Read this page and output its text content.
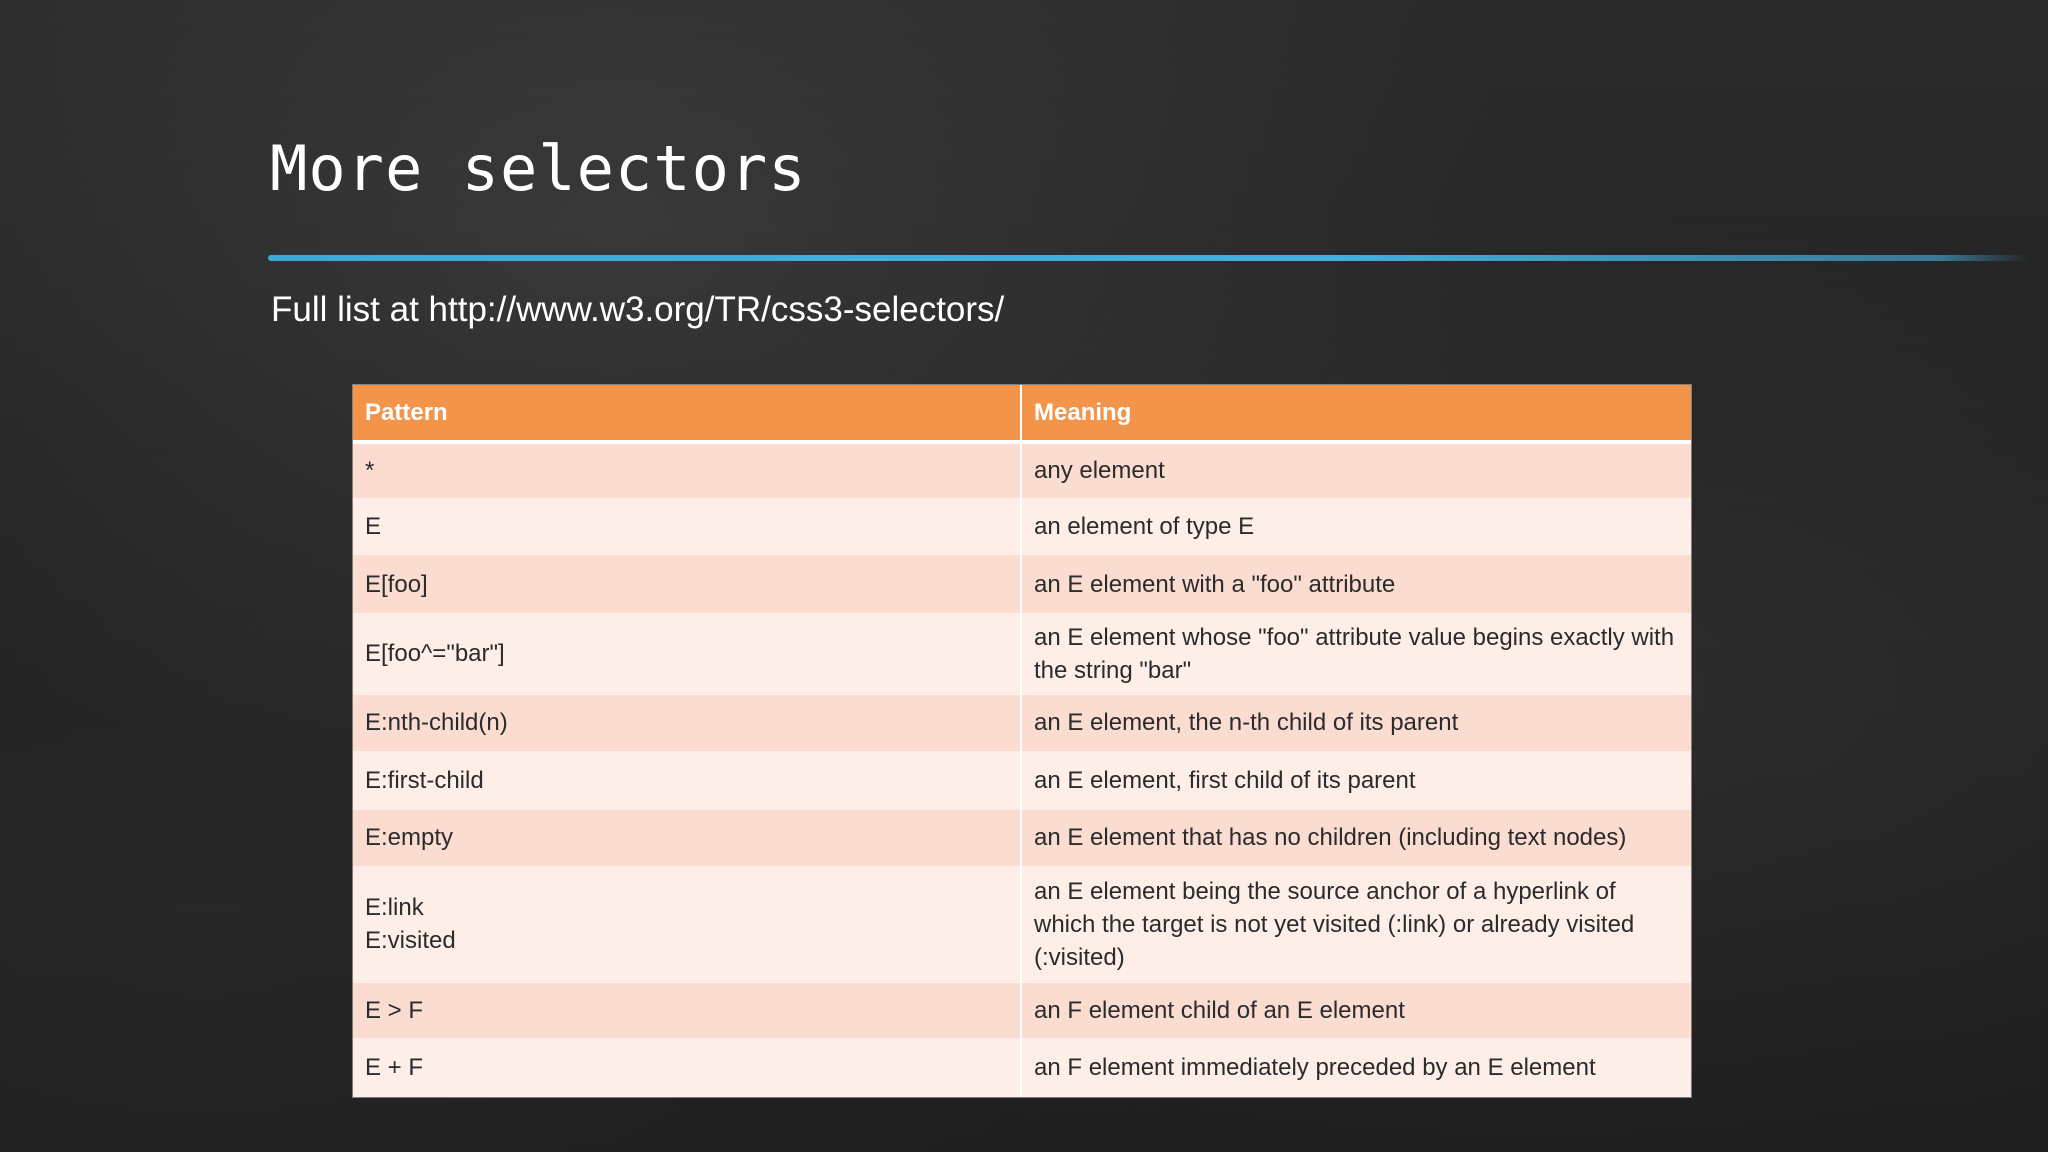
More selectors
Full list at http://www.w3.org/TR/css3-selectors/
Pattern	Meaning
*	any element
E	an element of type E
E[foo]	an E element with a "foo" attribute
E[foo^="bar"]	an E element whose "foo" attribute value begins exactly with the string "bar"
E:nth-child(n)	an E element, the n-th child of its parent
E:first-child	an E element, first child of its parent
E:empty	an E element that has no children (including text nodes)
E:link
E:visited	an E element being the source anchor of a hyperlink of which the target is not yet visited (:link) or already visited (:visited)
E > F	an F element child of an E element
E + F	an F element immediately preceded by an E element
